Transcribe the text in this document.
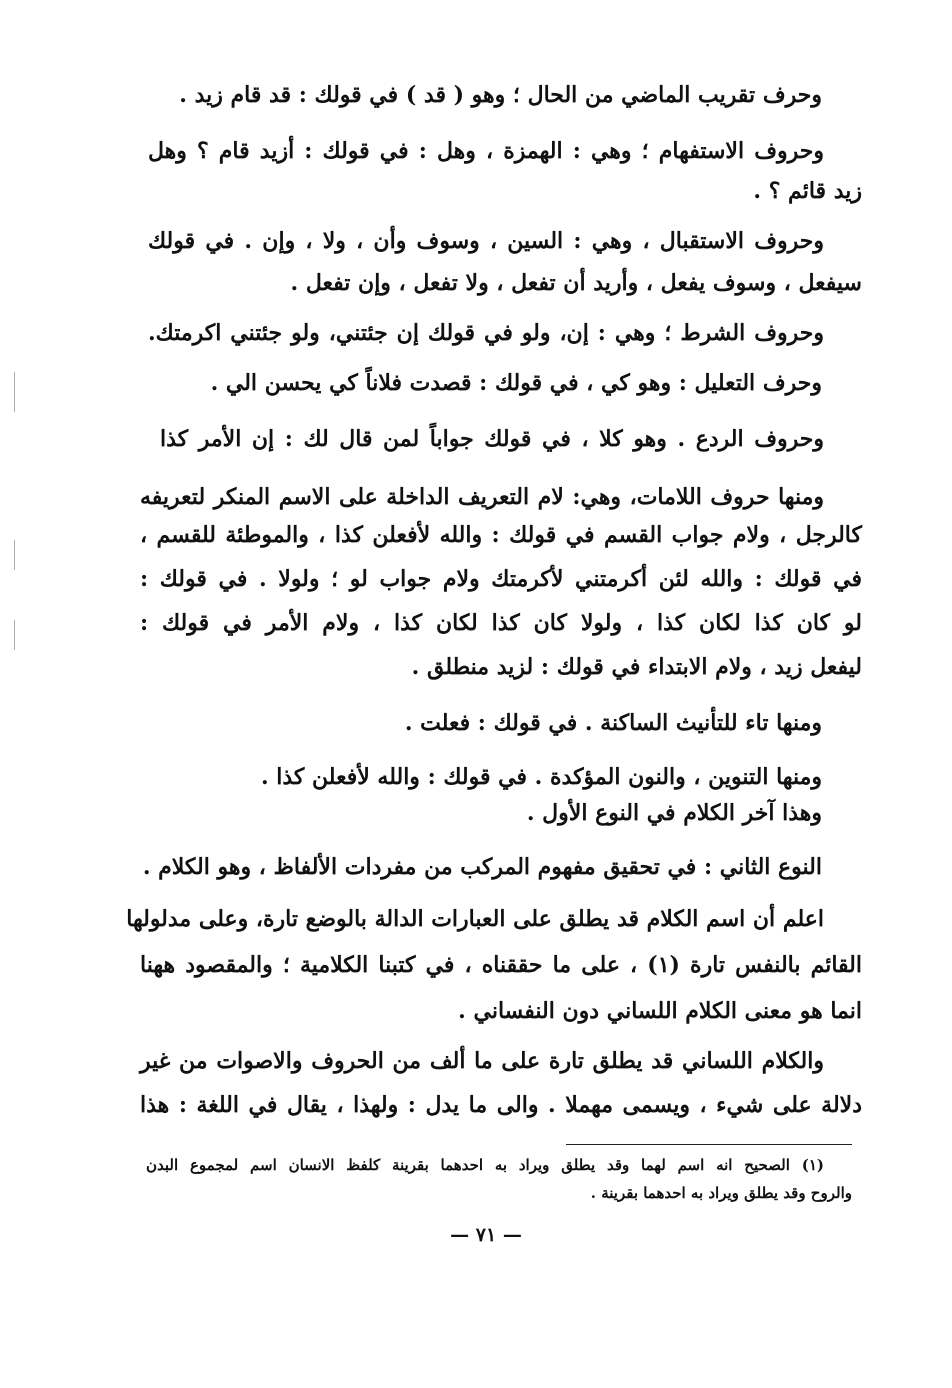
وحرف تقريب الماضي من الحال ؛ وهو ( قد ) في قولك : قد قام زيد .
وحروف الاستفهام ؛ وهي : الهمزة ، وهل : في قولك : أزيد قام ؟ وهل
زيد قائم ؟ .
وحروف الاستقبال ، وهي : السين ، وسوف وأن ، ولا ، وإن . في قولك
سيفعل ، وسوف يفعل ، وأريد أن تفعل ، ولا تفعل ، وإن تفعل .
وحروف الشرط ؛ وهي : إن، ولو في قولك إن جئتني، ولو جئتني اكرمتك.
وحرف التعليل : وهو كي ، في قولك : قصدت فلاناً كي يحسن الي .
وحروف الردع . وهو كلا ، في قولك جواباً لمن قال لك : إن الأمر كذا
ومنها حروف اللامات، وهي: لام التعريف الداخلة على الاسم المنكر لتعريفه
كالرجل ، ولام جواب القسم في قولك : والله لأفعلن كذا ، والموطئة للقسم ،
في قولك : والله لئن أكرمتني لأكرمتك ولام جواب لو ؛ ولولا . في قولك :
لو كان كذا لكان كذا ، ولولا كان كذا لكان كذا ، ولام الأمر في قولك :
ليفعل زيد ، ولام الابتداء في قولك : لزيد منطلق .
ومنها تاء للتأنيث الساكنة . في قولك : فعلت .
ومنها التنوين ، والنون المؤكدة . في قولك : والله لأفعلن كذا .
وهذا آخر الكلام في النوع الأول .
النوع الثاني : في تحقيق مفهوم المركب من مفردات الألفاظ ، وهو الكلام .
اعلم أن اسم الكلام قد يطلق على العبارات الدالة بالوضع تارة، وعلى مدلولها
القائم بالنفس تارة (١) ، على ما حققناه ، في كتبنا الكلامية ؛ والمقصود ههنا
انما هو معنى الكلام اللساني دون النفساني .
والكلام اللساني قد يطلق تارة على ما ألف من الحروف والاصوات من غير
دلالة على شيء ، ويسمى مهملا . والى ما يدل : ولهذا ، يقال في اللغة : هذا
(١) الصحيح انه اسم لهما وقد يطلق ويراد به احدهما بقرينة كلفظ الانسان اسم لمجموع البدن
والروح وقد يطلق ويراد به احدهما بقرينة .
— ٧١ —
